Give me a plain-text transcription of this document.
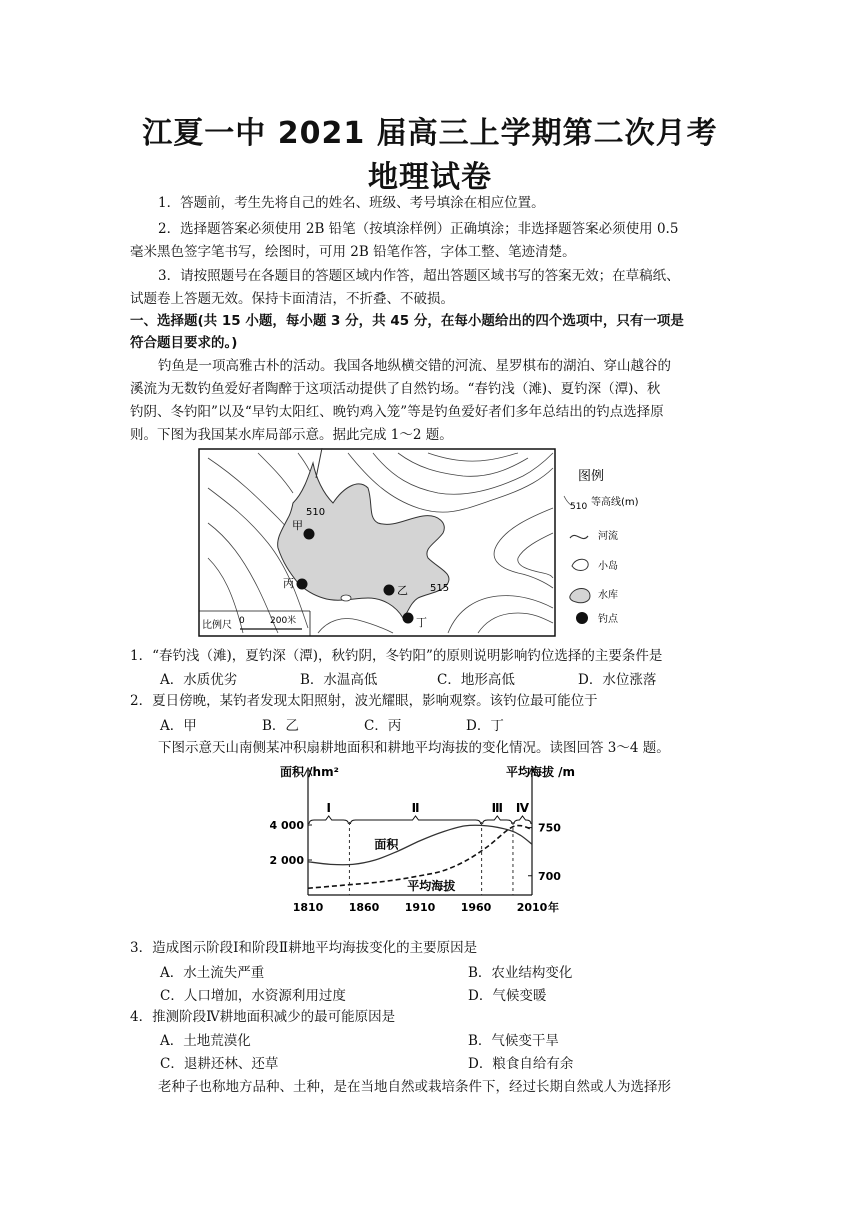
江夏一中 2021 届高三上学期第二次月考
地理试卷
1．答题前，考生先将自己的姓名、班级、考号填涂在相应位置。
2．选择题答案必须使用 2B 铅笔（按填涂样例）正确填涂；非选择题答案必须使用 0.5
毫米黑色签字笔书写，绘图时，可用 2B 铅笔作答，字体工整、笔迹清楚。
3．请按照题号在各题目的答题区域内作答，超出答题区域书写的答案无效；在草稿纸、
试题卷上答题无效。保持卡面清洁，不折叠、不破损。
一、选择题(共 15 小题，每小题 3 分，共 45 分，在每小题给出的四个选项中，只有一项是
符合题目要求的。)
钓鱼是一项高雅古朴的活动。我国各地纵横交错的河流、星罗棋布的湖泊、穿山越谷的
溪流为无数钓鱼爱好者陶醉于这项活动提供了自然钓场。“春钓浅（滩)、夏钓深（潭)、秋
钓阴、冬钓阳”以及“早钓太阳红、晚钓鸡入笼”等是钓鱼爱好者们多年总结出的钓点选择原
则。下图为我国某水库局部示意。据此完成 1～2 题。
510
515
甲
丙
乙
丁
比例尺 0	200米
图例
510 等高线(m)
河流
小岛
水库
钓点
1．“春钓浅（滩)，夏钓深（潭)，秋钓阴，冬钓阳”的原则说明影响钓位选择的主要条件是
A．水质优劣	B．水温高低	C．地形高低	D．水位涨落
2．夏日傍晚，某钓者发现太阳照射，波光耀眼，影响观察。该钓位最可能位于
A．甲	B．乙	C．丙	D．丁
下图示意天山南侧某冲积扇耕地面积和耕地平均海拔的变化情况。读图回答 3～4 题。
Ⅰ	Ⅱ	Ⅲ Ⅳ
面积 /hm²	平均海拔 /m
4 000
2 000
750
700
1810 1860 1910 1960 2010 年
面积
平均海拔
3．造成图示阶段Ⅰ和阶段Ⅱ耕地平均海拔变化的主要原因是
A．水土流失严重	B．农业结构变化
C．人口增加，水资源利用过度	D．气候变暖
4．推测阶段Ⅳ耕地面积减少的最可能原因是
A．土地荒漠化	B．气候变干旱
C．退耕还林、还草	D．粮食自给有余
老种子也称地方品种、土种，是在当地自然或栽培条件下，经过长期自然或人为选择形
